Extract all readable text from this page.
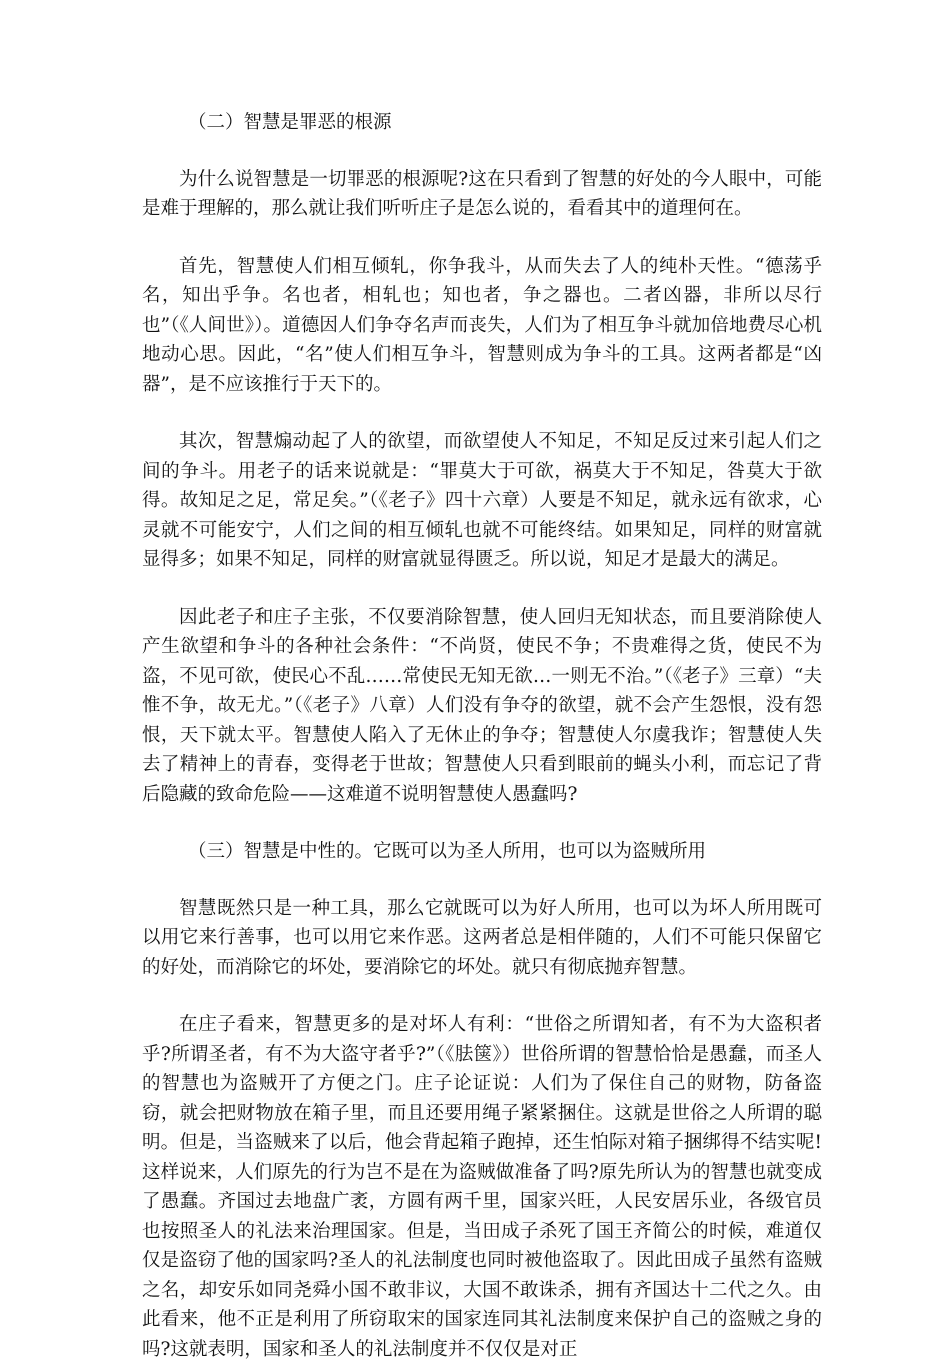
（二）智慧是罪恶的根源

为什么说智慧是一切罪恶的根源呢?这在只看到了智慧的好处的今人眼中，可能是难于理解的，那么就让我们听听庄子是怎么说的，看看其中的道理何在。

首先，智慧使人们相互倾轧，你争我斗，从而失去了人的纯朴天性。“德荡乎名，知出乎争。名也者，相轧也；知也者，争之器也。二者凶器，非所以尽行也”（《人间世》）。道德因人们争夺名声而丧失，人们为了相互争斗就加倍地费尽心机地动心思。因此，“名”使人们相互争斗，智慧则成为争斗的工具。这两者都是“凶器”，是不应该推行于天下的。

其次，智慧煽动起了人的欲望，而欲望使人不知足，不知足反过来引起人们之间的争斗。用老子的话来说就是：“罪莫大于可欲，祸莫大于不知足，咎莫大于欲得。故知足之足，常足矣。”（《老子》四十六章）人要是不知足，就永远有欲求，心灵就不可能安宁，人们之间的相互倾轧也就不可能终结。如果知足，同样的财富就显得多；如果不知足，同样的财富就显得匮乏。所以说，知足才是最大的满足。

因此老子和庄子主张，不仅要消除智慧，使人回归无知状态，而且要消除使人产生欲望和争斗的各种社会条件：“不尚贤，使民不争；不贵难得之货，使民不为盗，不见可欲，使民心不乱……常使民无知无欲…一则无不治。”（《老子》三章）“夫惟不争，故无尤。”（《老子》八章）人们没有争夺的欲望，就不会产生怨恨，没有怨恨，天下就太平。智慧使人陷入了无休止的争夺；智慧使人尔虞我诈；智慧使人失去了精神上的青春，变得老于世故；智慧使人只看到眼前的蝇头小利，而忘记了背后隐藏的致命危险——这难道不说明智慧使人愚蠢吗?

（三）智慧是中性的。它既可以为圣人所用，也可以为盗贼所用

智慧既然只是一种工具，那么它就既可以为好人所用，也可以为坏人所用既可以用它来行善事，也可以用它来作恶。这两者总是相伴随的，人们不可能只保留它的好处，而消除它的坏处，要消除它的坏处。就只有彻底抛弃智慧。

在庄子看来，智慧更多的是对坏人有利：“世俗之所谓知者，有不为大盗积者乎?所谓圣者，有不为大盗守者乎?”（《胠箧》）世俗所谓的智慧恰恰是愚蠢，而圣人的智慧也为盗贼开了方便之门。庄子论证说：人们为了保住自己的财物，防备盗窃，就会把财物放在箱子里，而且还要用绳子紧紧捆住。这就是世俗之人所谓的聪明。但是，当盗贼来了以后，他会背起箱子跑掉，还生怕际对箱子捆绑得不结实呢!这样说来，人们原先的行为岂不是在为盗贼做准备了吗?原先所认为的智慧也就变成了愚蠢。齐国过去地盘广袤，方圆有两千里，国家兴旺，人民安居乐业，各级官员也按照圣人的礼法来治理国家。但是，当田成子杀死了国王齐简公的时候，难道仅仅是盗窃了他的国家吗?圣人的礼法制度也同时被他盗取了。因此田成子虽然有盗贼之名，却安乐如同尧舜小国不敢非议，大国不敢诛杀，拥有齐国达十二代之久。由此看来，他不正是利用了所窃取宋的国家连同其礼法制度来保护自己的盗贼之身的吗?这就表明，国家和圣人的礼法制度并不仅仅是对正
